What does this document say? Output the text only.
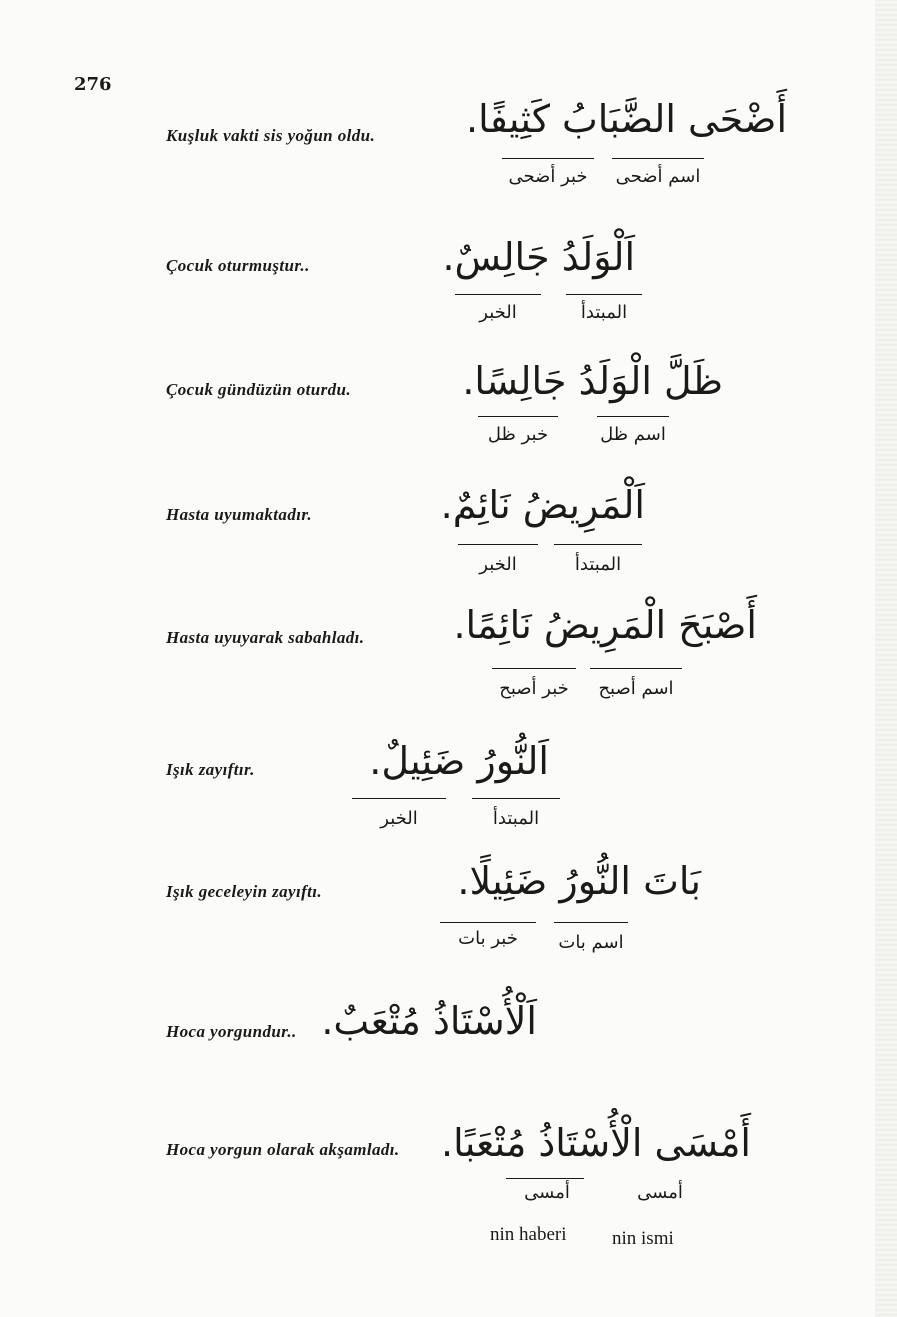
276
Kuşluk vakti sis yoğun oldu. أَضْحَى الضَّبَابُ كَثِيفًا.
اسم أضحى
خبر أضحى
Çocuk oturmuştur..	اَلْوَلَدُ جَالِسٌ.
المبتدأ
الخبر
Çocuk gündüzün oturdu.	ظَلَّ الْوَلَدُ جَالِسًا.
اسم ظل
خبر ظل
Hasta uyumaktadır.	اَلْمَرِيضُ نَائِمٌ.
المبتدأ
الخبر
Hasta uyuyarak sabahladı. أَصْبَحَ الْمَرِيضُ نَائِمًا.
اسم أصبح
خبر أصبح
Işık zayıftır.	اَلنُّورُ ضَئِيلٌ.
المبتدأ
الخبر
Işık geceleyin zayıftı.	بَاتَ النُّورُ ضَئِيلًا.
اسم بات
خبر بات
Hoca yorgundur.. اَلْأُسْتَاذُ مُتْعَبٌ.
Hoca yorgun olarak akşamladı. أَمْسَى الْأُسْتَاذُ مُتْعَبًا.
أمسى
أمسى
nin haberi nin ismi
